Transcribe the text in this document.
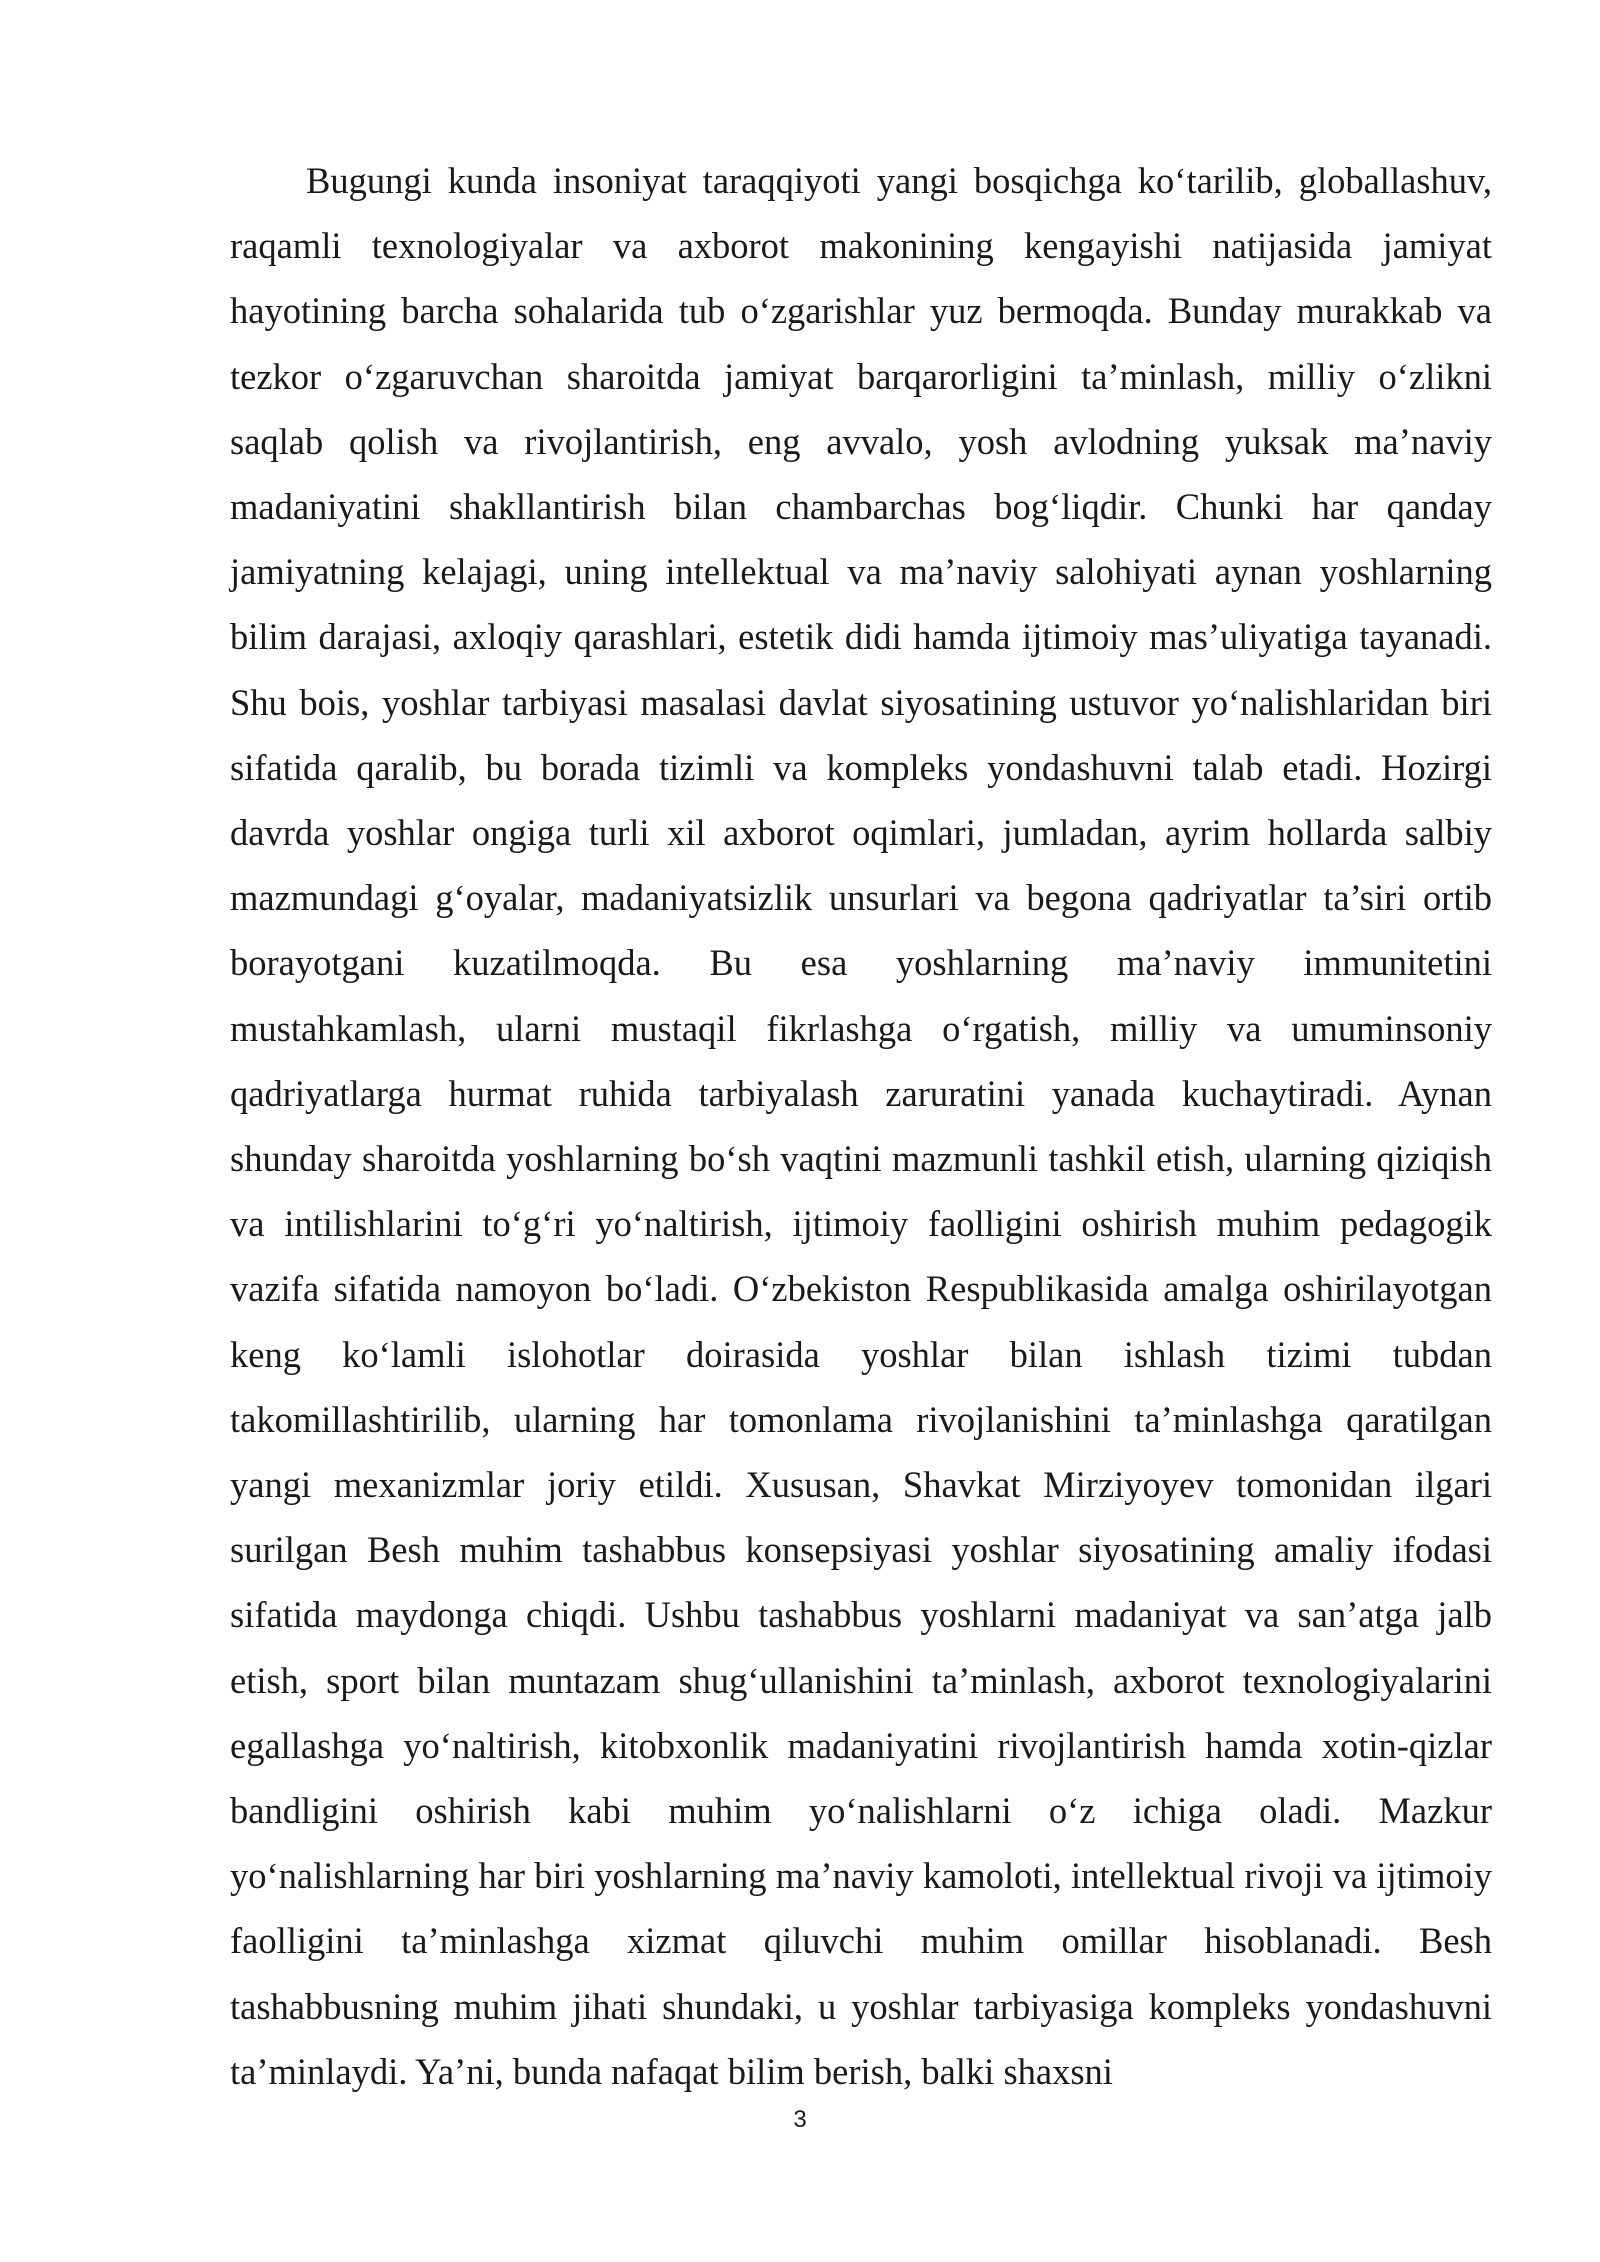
Bugungi kunda insoniyat taraqqiyoti yangi bosqichga ko‘tarilib, globallashuv, raqamli texnologiyalar va axborot makonining kengayishi natijasida jamiyat hayotining barcha sohalarida tub o‘zgarishlar yuz bermoqda. Bunday murakkab va tezkor o‘zgaruvchan sharoitda jamiyat barqarorligini ta’minlash, milliy o‘zlikni saqlab qolish va rivojlantirish, eng avvalo, yosh avlodning yuksak ma’naviy madaniyatini shakllantirish bilan chambarchas bog‘liqdir. Chunki har qanday jamiyatning kelajagi, uning intellektual va ma’naviy salohiyati aynan yoshlarning bilim darajasi, axloqiy qarashlari, estetik didi hamda ijtimoiy mas’uliyatiga tayanadi. Shu bois, yoshlar tarbiyasi masalasi davlat siyosatining ustuvor yo‘nalishlaridan biri sifatida qaralib, bu borada tizimli va kompleks yondashuvni talab etadi. Hozirgi davrda yoshlar ongiga turli xil axborot oqimlari, jumladan, ayrim hollarda salbiy mazmundagi g‘oyalar, madaniyatsizlik unsurlari va begona qadriyatlar ta’siri ortib borayotgani kuzatilmoqda. Bu esa yoshlarning ma’naviy immunitetini mustahkamlash, ularni mustaqil fikrlashga o‘rgatish, milliy va umuminsoniy qadriyatlarga hurmat ruhida tarbiyalash zaruratini yanada kuchaytiradi. Aynan shunday sharoitda yoshlarning bo‘sh vaqtini mazmunli tashkil etish, ularning qiziqish va intilishlarini to‘g‘ri yo‘naltirish, ijtimoiy faolligini oshirish muhim pedagogik vazifa sifatida namoyon bo‘ladi. O‘zbekiston Respublikasida amalga oshirilayotgan keng ko‘lamli islohotlar doirasida yoshlar bilan ishlash tizimi tubdan takomillashtirilib, ularning har tomonlama rivojlanishini ta’minlashga qaratilgan yangi mexanizmlar joriy etildi. Xususan, Shavkat Mirziyoyev tomonidan ilgari surilgan Besh muhim tashabbus konsepsiyasi yoshlar siyosatining amaliy ifodasi sifatida maydonga chiqdi. Ushbu tashabbus yoshlarni madaniyat va san’atga jalb etish, sport bilan muntazam shug‘ullanishini ta’minlash, axborot texnologiyalarini egallashga yo‘naltirish, kitobxonlik madaniyatini rivojlantirish hamda xotin-qizlar bandligini oshirish kabi muhim yo‘nalishlarni o‘z ichiga oladi. Mazkur yo‘nalishlarning har biri yoshlarning ma’naviy kamoloti, intellektual rivoji va ijtimoiy faolligini ta’minlashga xizmat qiluvchi muhim omillar hisoblanadi. Besh tashabbusning muhim jihati shundaki, u yoshlar tarbiyasiga kompleks yondashuvni ta’minlaydi. Ya’ni, bunda nafaqat bilim berish, balki shaxsni

3
